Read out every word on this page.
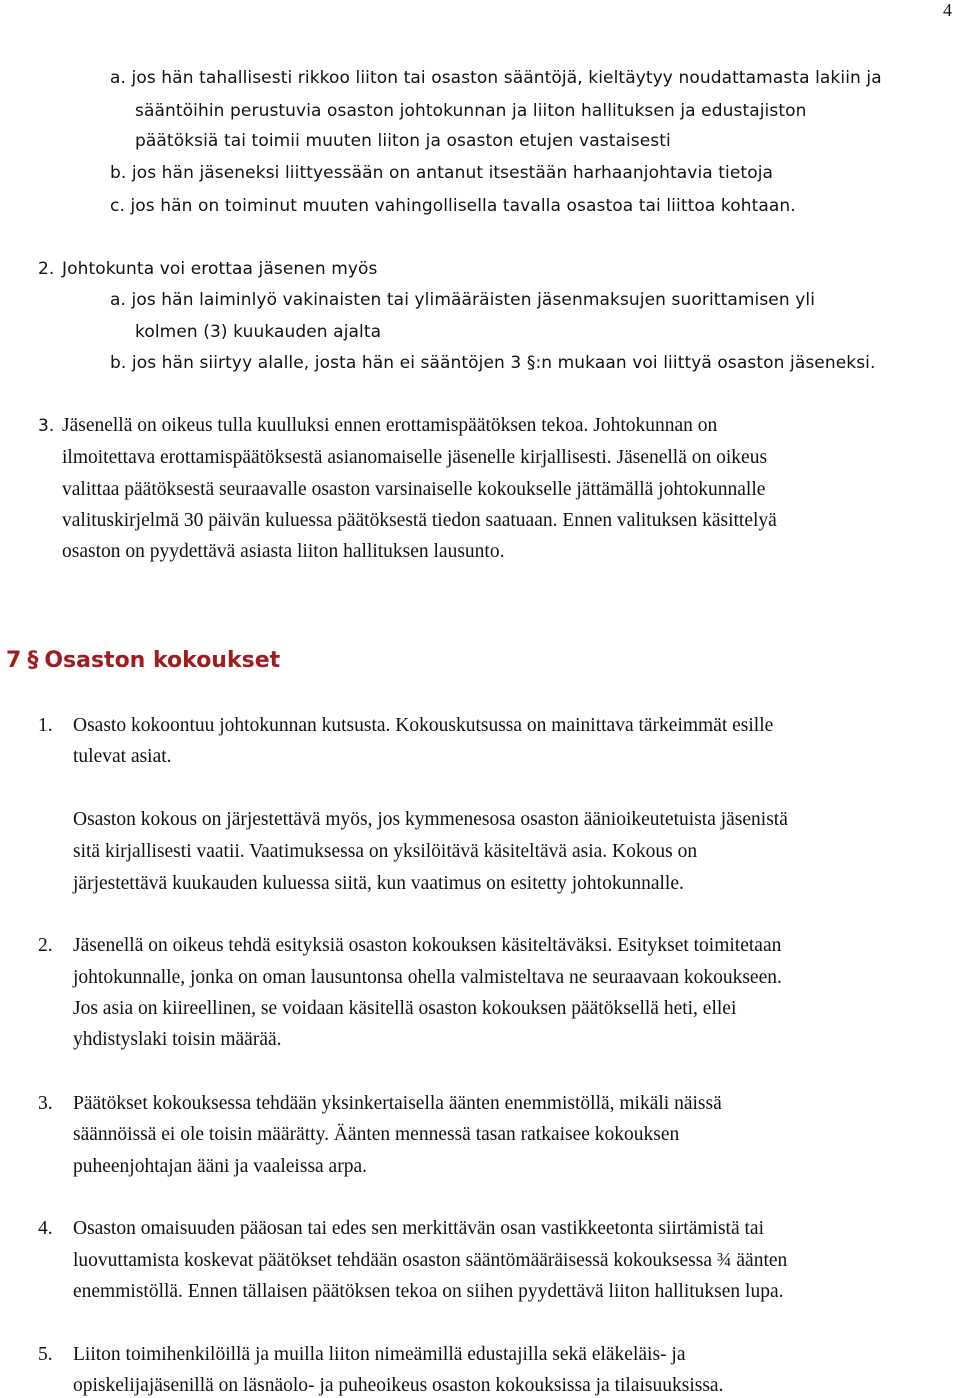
4
a. jos hän tahallisesti rikkoo liiton tai osaston sääntöjä, kieltäytyy noudattamasta lakiin ja
sääntöihin perustuvia osaston johtokunnan ja liiton hallituksen ja edustajiston
päätöksiä tai toimii muuten liiton ja osaston etujen vastaisesti
b. jos hän jäseneksi liittyessään on antanut itsestään harhaanjohtavia tietoja
c. jos hän on toiminut muuten vahingollisella tavalla osastoa tai liittoa kohtaan.
2. Johtokunta voi erottaa jäsenen myös
a. jos hän laiminlyö vakinaisten tai ylimääräisten jäsenmaksujen suorittamisen yli
kolmen (3) kuukauden ajalta
b. jos hän siirtyy alalle, josta hän ei sääntöjen 3 §:n mukaan voi liittyä osaston jäseneksi.
3. Jäsenellä on oikeus tulla kuulluksi ennen erottamispäätöksen tekoa. Johtokunnan on
ilmoitettava erottamispäätöksestä asianomaiselle jäsenelle kirjallisesti. Jäsenellä on oikeus
valittaa päätöksestä seuraavalle osaston varsinaiselle kokoukselle jättämällä johtokunnalle
valituskirjelmä 30 päivän kuluessa päätöksestä tiedon saatuaan. Ennen valituksen käsittelyä
osaston on pyydettävä asiasta liiton hallituksen lausunto.
7 § Osaston kokoukset
1. Osasto kokoontuu johtokunnan kutsusta. Kokouskutsussa on mainittava tärkeimmät esille
tulevat asiat.
Osaston kokous on järjestettävä myös, jos kymmenesosa osaston äänioikeutetuista jäsenistä
sitä kirjallisesti vaatii. Vaatimuksessa on yksilöitävä käsiteltävä asia. Kokous on
järjestettävä kuukauden kuluessa siitä, kun vaatimus on esitetty johtokunnalle.
2. Jäsenellä on oikeus tehdä esityksiä osaston kokouksen käsiteltäväksi. Esitykset toimitetaan
johtokunnalle, jonka on oman lausuntonsa ohella valmisteltava ne seuraavaan kokoukseen.
Jos asia on kiireellinen, se voidaan käsitellä osaston kokouksen päätöksellä heti, ellei
yhdistyslaki toisin määrää.
3. Päätökset kokouksessa tehdään yksinkertaisella äänten enemmistöllä, mikäli näissä
säännöissä ei ole toisin määrätty. Äänten mennessä tasan ratkaisee kokouksen
puheenjohtajan ääni ja vaaleissa arpa.
4. Osaston omaisuuden pääosan tai edes sen merkittävän osan vastikkeetonta siirtämistä tai
luovuttamista koskevat päätökset tehdään osaston sääntömääräisessä kokouksessa ¾ äänten
enemmistöllä. Ennen tällaisen päätöksen tekoa on siihen pyydettävä liiton hallituksen lupa.
5. Liiton toimihenkilöillä ja muilla liiton nimeämillä edustajilla sekä eläkeläis- ja
opiskelijajäsenillä on läsnäolo- ja puheoikeus osaston kokouksissa ja tilaisuuksissa.
